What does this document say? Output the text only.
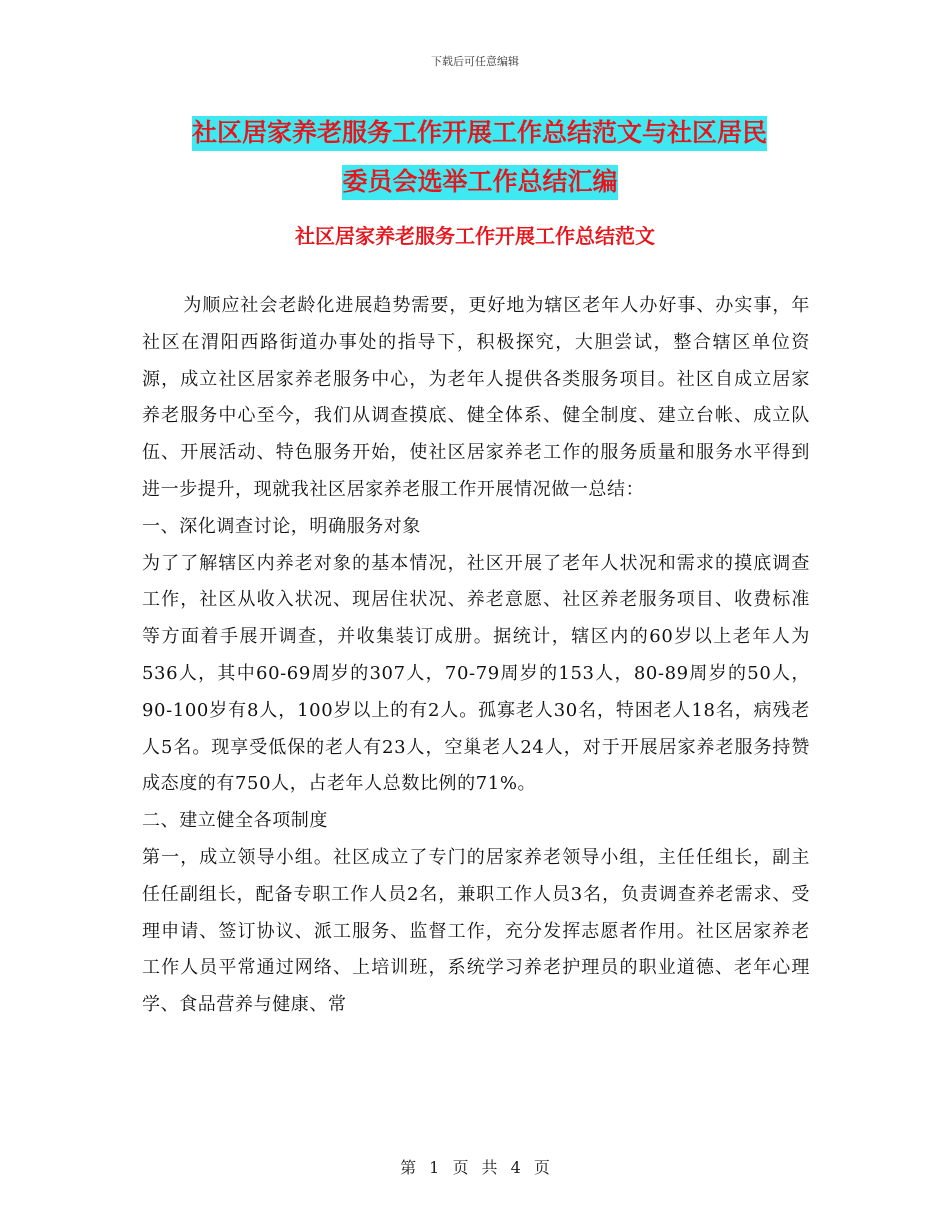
下载后可任意编辑
社区居家养老服务工作开展工作总结范文与社区居民
委员会选举工作总结汇编
社区居家养老服务工作开展工作总结范文

为顺应社会老龄化进展趋势需要，更好地为辖区老年人办好事、办实事，年社区在渭阳西路街道办事处的指导下，积极探究，大胆尝试，整合辖区单位资源，成立社区居家养老服务中心，为老年人提供各类服务项目。社区自成立居家养老服务中心至今，我们从调查摸底、健全体系、健全制度、建立台帐、成立队伍、开展活动、特色服务开始，使社区居家养老工作的服务质量和服务水平得到进一步提升，现就我社区居家养老服工作开展情况做一总结：

一、深化调查讨论，明确服务对象

为了了解辖区内养老对象的基本情况，社区开展了老年人状况和需求的摸底调查工作，社区从收入状况、现居住状况、养老意愿、社区养老服务项目、收费标准等方面着手展开调查，并收集装订成册。据统计，辖区内的60岁以上老年人为536人，其中60-69周岁的307人，70-79周岁的153人，80-89周岁的50人，90-100岁有8人，100岁以上的有2人。孤寡老人30名，特困老人18名，病残老人5名。现享受低保的老人有23人，空巢老人24人，对于开展居家养老服务持赞成态度的有750人，占老年人总数比例的71%。

二、建立健全各项制度

第一，成立领导小组。社区成立了专门的居家养老领导小组，主任任组长，副主任任副组长，配备专职工作人员2名，兼职工作人员3名，负责调查养老需求、受理申请、签订协议、派工服务、监督工作，充分发挥志愿者作用。社区居家养老工作人员平常通过网络、上培训班，系统学习养老护理员的职业道德、老年心理学、食品营养与健康、常

第 1 页 共 4 页
